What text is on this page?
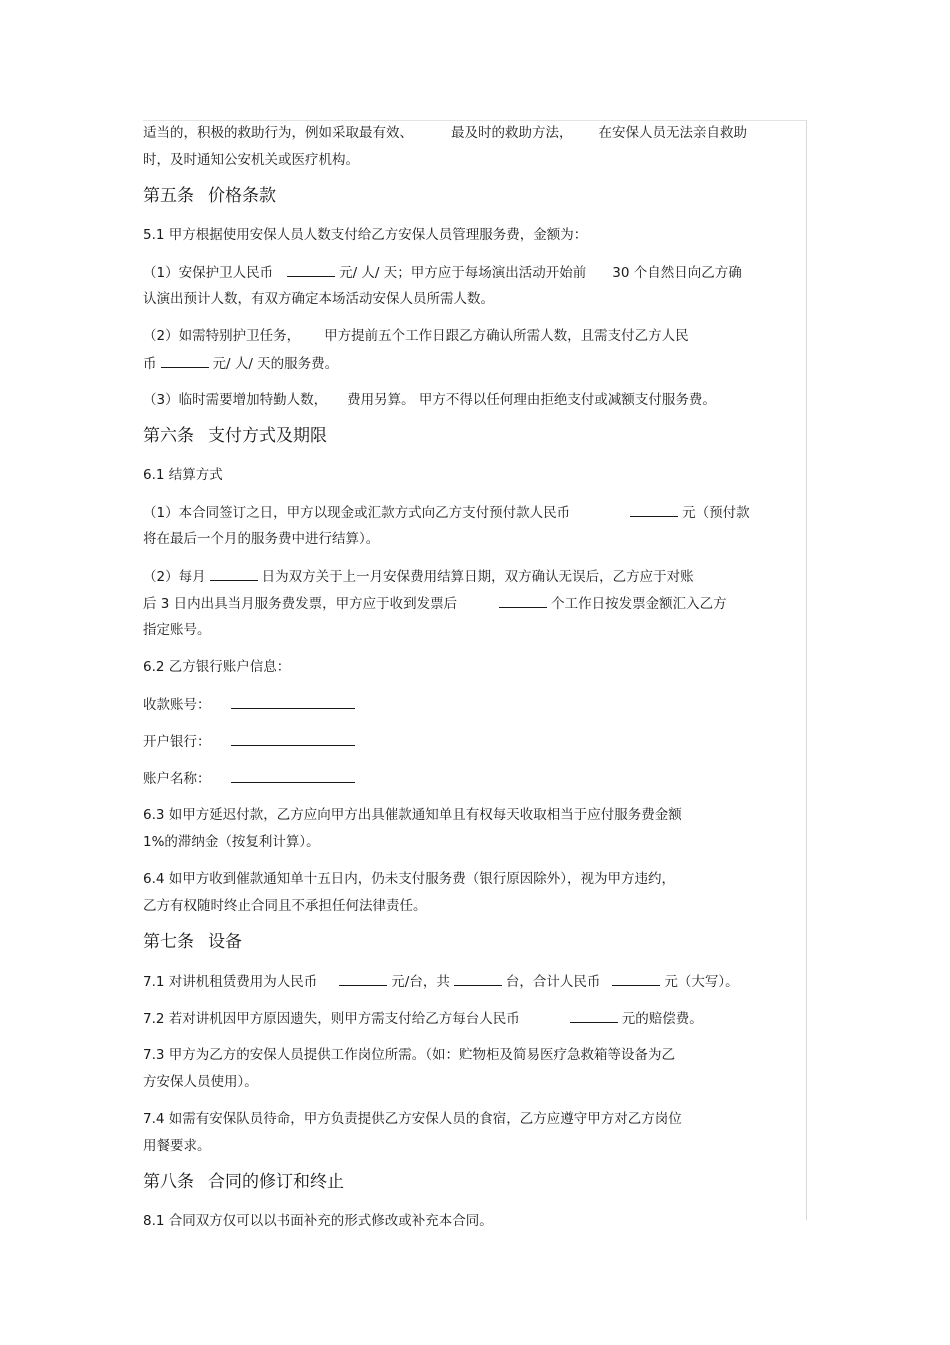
适当的，积极的救助行为，例如采取最有效、	最及时的救助方法， 在安保人员无法亲自救助
时，及时通知公安机关或医疗机构。
第五条 价格条款
5.1 甲方根据使用安保人员人数支付给乙方安保人员管理服务费，金额为：
（1）安保护卫人民币	元/ 人/ 天；甲方应于每场演出活动开始前 30 个自然日向乙方确
认演出预计人数，有双方确定本场活动安保人员所需人数。
（2）如需特别护卫任务， 甲方提前五个工作日跟乙方确认所需人数，且需支付乙方人民
币	元/ 人/ 天的服务费。
（3）临时需要增加特勤人数， 费用另算。 甲方不得以任何理由拒绝支付或减额支付服务费。
第六条 支付方式及期限
6.1 结算方式
（1）本合同签订之日，甲方以现金或汇款方式向乙方支付预付款人民币	元（预付款
将在最后一个月的服务费中进行结算）。
（2）每月	日为双方关于上一月安保费用结算日期，双方确认无误后，乙方应于对账
后 3 日内出具当月服务费发票，甲方应于收到发票后	个工作日按发票金额汇入乙方
指定账号。
6.2 乙方银行账户信息：
收款账号：
开户银行：
账户名称：
6.3 如甲方延迟付款，乙方应向甲方出具催款通知单且有权每天收取相当于应付服务费金额
1%的滞纳金（按复利计算）。
6.4 如甲方收到催款通知单十五日内，仍未支付服务费（银行原因除外），视为甲方违约，
乙方有权随时终止合同且不承担任何法律责任。
第七条 设备
7.1 对讲机租赁费用为人民币	元/台，共	台，合计人民币	元（大写）。
7.2 若对讲机因甲方原因遗失，则甲方需支付给乙方每台人民币	元的赔偿费。
7.3 甲方为乙方的安保人员提供工作岗位所需。（如：贮物柜及简易医疗急救箱等设备为乙
方安保人员使用）。
7.4 如需有安保队员待命，甲方负责提供乙方安保人员的食宿，乙方应遵守甲方对乙方岗位
用餐要求。
第八条 合同的修订和终止
8.1 合同双方仅可以以书面补充的形式修改或补充本合同。
